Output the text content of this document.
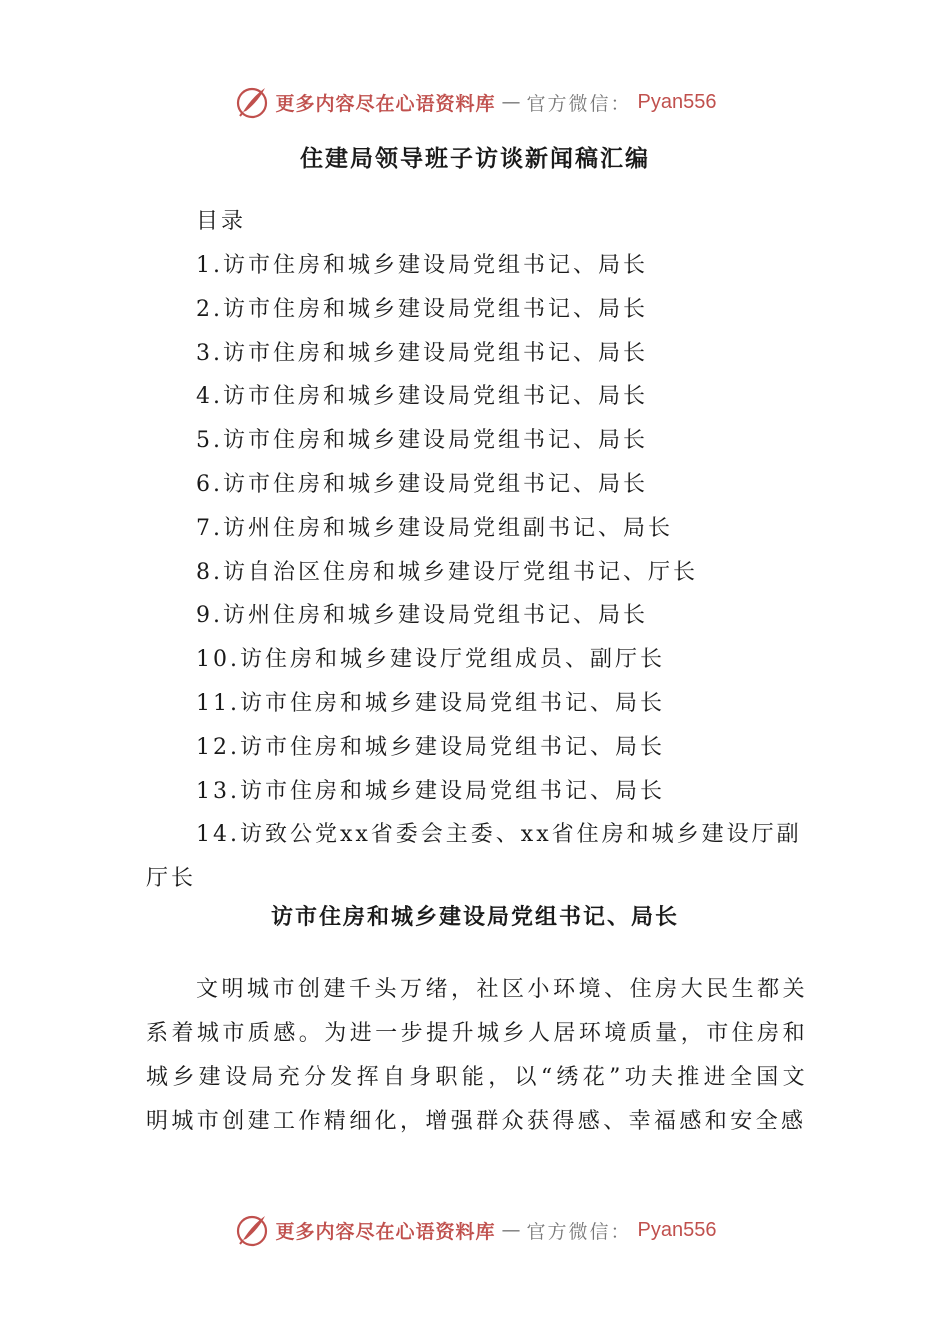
更多内容尽在心语资料库 — 官方微信： Pyan556
住建局领导班子访谈新闻稿汇编
目录
1.访市住房和城乡建设局党组书记、局长
2.访市住房和城乡建设局党组书记、局长
3.访市住房和城乡建设局党组书记、局长
4.访市住房和城乡建设局党组书记、局长
5.访市住房和城乡建设局党组书记、局长
6.访市住房和城乡建设局党组书记、局长
7.访州住房和城乡建设局党组副书记、局长
8.访自治区住房和城乡建设厅党组书记、厅长
9.访州住房和城乡建设局党组书记、局长
10.访住房和城乡建设厅党组成员、副厅长
11.访市住房和城乡建设局党组书记、局长
12.访市住房和城乡建设局党组书记、局长
13.访市住房和城乡建设局党组书记、局长
14.访致公党xx省委会主委、xx省住房和城乡建设厅副厅长
访市住房和城乡建设局党组书记、局长

文明城市创建千头万绪，社区小环境、住房大民生都关系着城市质感。为进一步提升城乡人居环境质量，市住房和城乡建设局充分发挥自身职能，以“绣花”功夫推进全国文明城市创建工作精细化，增强群众获得感、幸福感和安全感

更多内容尽在心语资料库 — 官方微信： Pyan556
